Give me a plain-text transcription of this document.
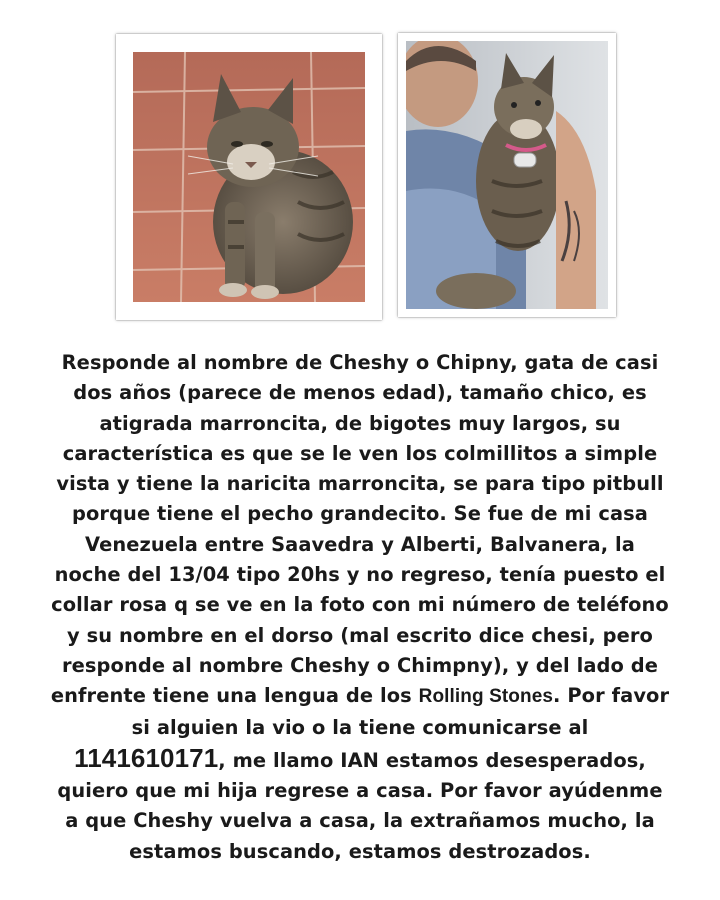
Responde al nombre de Cheshy o Chipny, gata de casi dos años (parece de menos edad), tamaño chico, es atigrada marroncita, de bigotes muy largos, su característica es que se le ven los colmillitos a simple vista y tiene la naricita marroncita, se para tipo pitbull porque tiene el pecho grandecito. Se fue de mi casa Venezuela entre Saavedra y Alberti, Balvanera, la noche del 13/04 tipo 20hs y no regreso, tenía puesto el collar rosa q se ve en la foto con mi número de teléfono y su nombre en el dorso (mal escrito dice chesi, pero responde al nombre Cheshy o Chimpny), y del lado de enfrente tiene una lengua de los Rolling Stones. Por favor si alguien la vio o la tiene comunicarse al
1141610171, me llamo IAN estamos desesperados, quiero que mi hija regrese a casa. Por favor ayúdenme a que Cheshy vuelva a casa, la extrañamos mucho, la estamos buscando, estamos destrozados.
